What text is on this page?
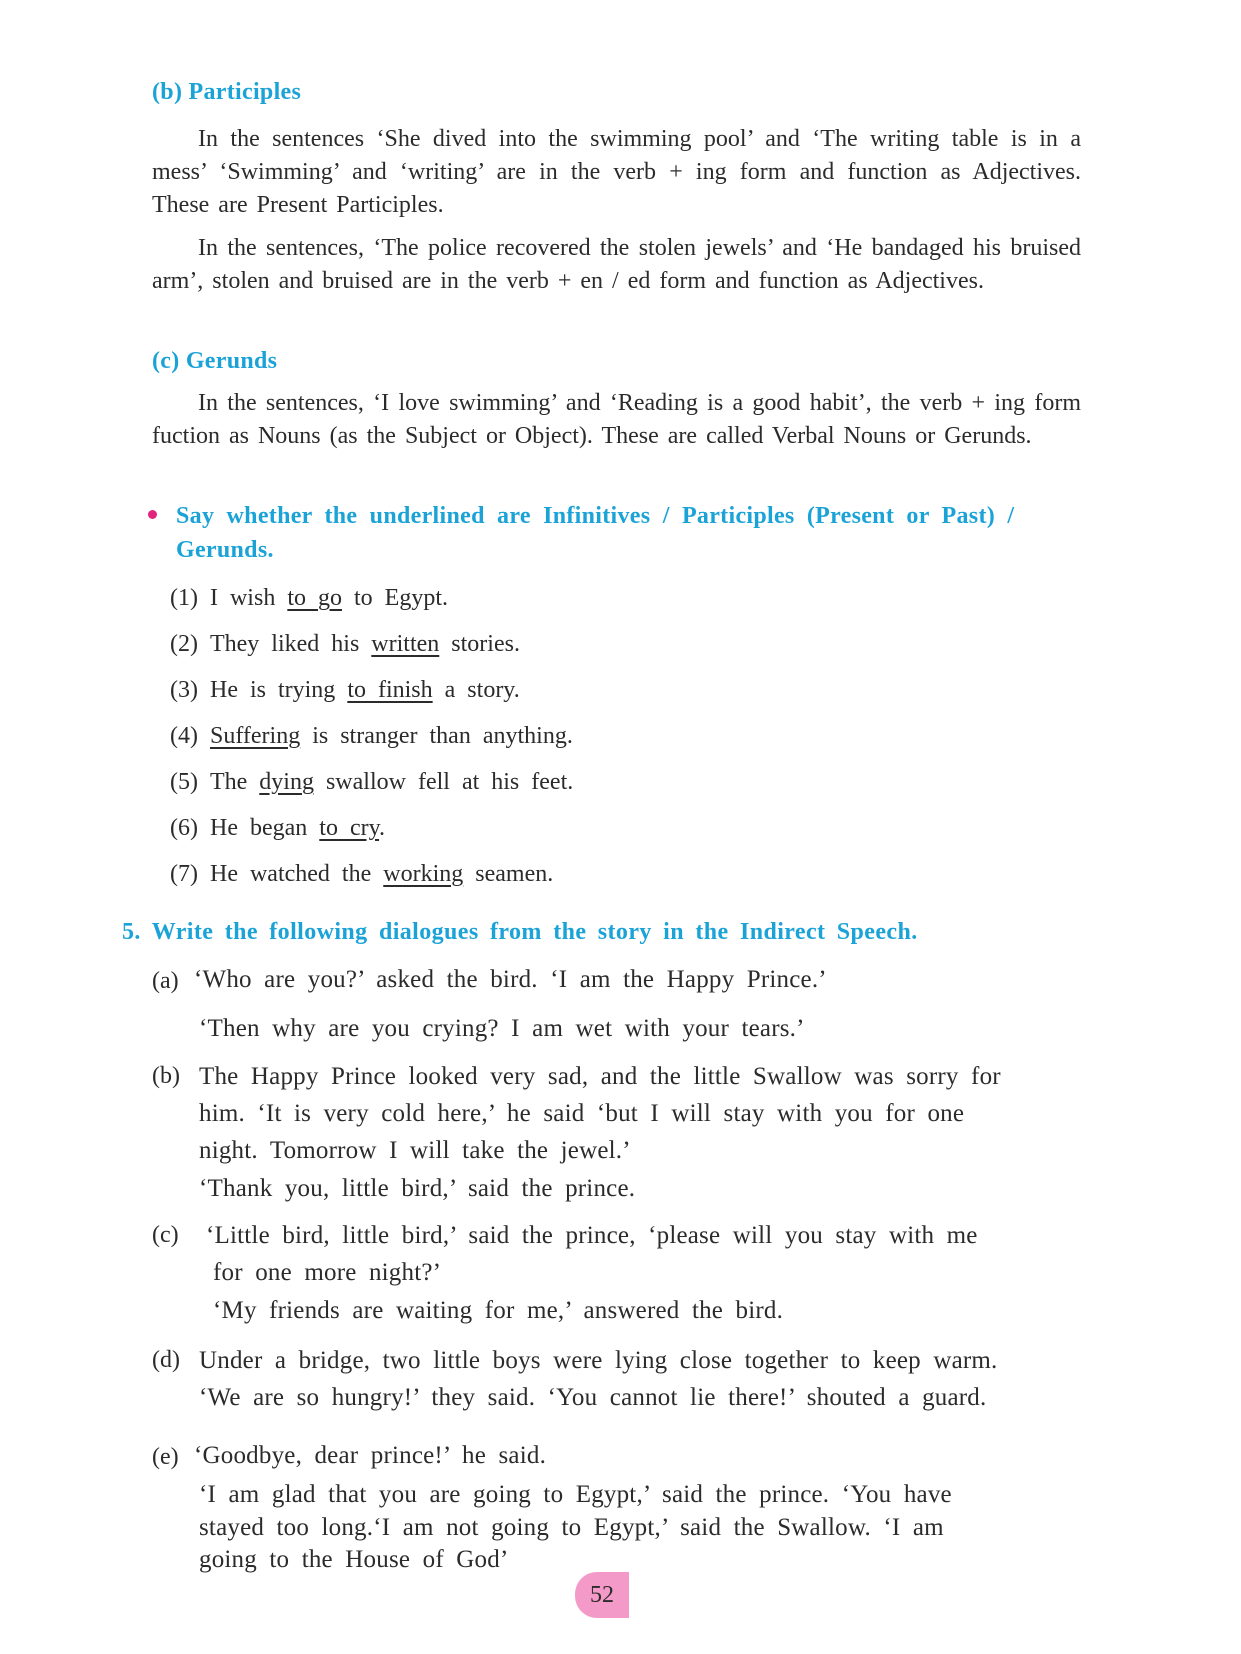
(b) Participles
In the sentences ‘She dived into the swimming pool’ and ‘The writing table is in a mess’ ‘Swimming’ and ‘writing’ are in the verb + ing form and function as Adjectives. These are Present Participles.
In the sentences, ‘The police recovered the stolen jewels’ and ‘He bandaged his bruised arm’, stolen and bruised are in the verb + en / ed form and function as Adjectives.
(c) Gerunds
In the sentences, ‘I love swimming’ and ‘Reading is a good habit’, the verb + ing form fuction as Nouns (as the Subject or Object). These are called Verbal Nouns or Gerunds.
Say whether the underlined are Infinitives / Participles (Present or Past) /
Gerunds.
(1) I wish to go to Egypt.
(2) They liked his written stories.
(3) He is trying to finish a story.
(4) Suffering is stranger than anything.
(5) The dying swallow fell at his feet.
(6) He began to cry.
(7) He watched the working seamen.
5. Write the following dialogues from the story in the Indirect Speech.
(a) ‘Who are you?’ asked the bird. ‘I am the Happy Prince.’
‘Then why are you crying? I am wet with your tears.’
(b) The Happy Prince looked very sad, and the little Swallow was sorry for
him. ‘It is very cold here,’ he said ‘but I will stay with you for one
night. Tomorrow I will take the jewel.’
‘Thank you, little bird,’ said the prince.
(c) ‘Little bird, little bird,’ said the prince, ‘please will you stay with me
for one more night?’
‘My friends are waiting for me,’ answered the bird.
(d) Under a bridge, two little boys were lying close together to keep warm.
‘We are so hungry!’ they said. ‘You cannot lie there!’ shouted a guard.
(e) ‘Goodbye, dear prince!’ he said.
‘I am glad that you are going to Egypt,’ said the prince. ‘You have
stayed too long.‘I am not going to Egypt,’ said the Swallow. ‘I am
going to the House of God’
52
